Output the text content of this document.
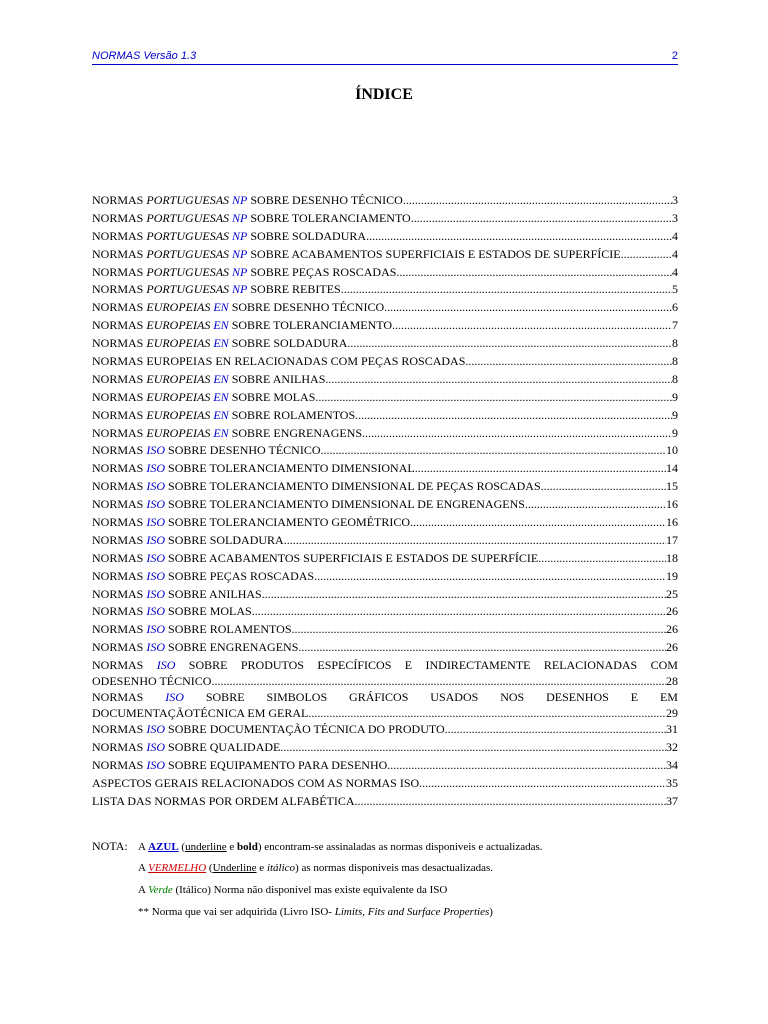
NORMAS Versão 1.3	2
ÍNDICE
NORMAS PORTUGUESAS NP SOBRE DESENHO TÉCNICO .....	3
NORMAS PORTUGUESAS NP SOBRE TOLERANCIAMENTO .....	3
NORMAS PORTUGUESAS NP SOBRE SOLDADURA .....	4
NORMAS PORTUGUESAS NP SOBRE ACABAMENTOS SUPERFICIAIS E ESTADOS DE SUPERFÍCIE .....	4
NORMAS PORTUGUESAS NP SOBRE PEÇAS ROSCADAS .....	4
NORMAS PORTUGUESAS NP SOBRE REBITES .....	5
NORMAS EUROPEIAS EN SOBRE DESENHO TÉCNICO .....	6
NORMAS EUROPEIAS EN SOBRE TOLERANCIAMENTO .....	7
NORMAS EUROPEIAS EN SOBRE SOLDADURA .....	8
NORMAS EUROPEIAS EN RELACIONADAS COM PEÇAS ROSCADAS .....	8
NORMAS EUROPEIAS EN SOBRE ANILHAS .....	8
NORMAS EUROPEIAS EN SOBRE MOLAS .....	9
NORMAS EUROPEIAS EN SOBRE ROLAMENTOS .....	9
NORMAS EUROPEIAS EN SOBRE ENGRENAGENS .....	9
NORMAS ISO SOBRE DESENHO TÉCNICO .....	10
NORMAS ISO SOBRE TOLERANCIAMENTO DIMENSIONAL .....	14
NORMAS ISO SOBRE TOLERANCIAMENTO DIMENSIONAL DE PEÇAS ROSCADAS .....	15
NORMAS ISO SOBRE TOLERANCIAMENTO DIMENSIONAL DE ENGRENAGENS .....	16
NORMAS ISO SOBRE TOLERANCIAMENTO GEOMÉTRICO .....	16
NORMAS ISO SOBRE SOLDADURA .....	17
NORMAS ISO SOBRE ACABAMENTOS SUPERFICIAIS E ESTADOS DE SUPERFÍCIE .....	18
NORMAS ISO SOBRE PEÇAS ROSCADAS .....	19
NORMAS ISO SOBRE ANILHAS .....	25
NORMAS ISO SOBRE MOLAS .....	26
NORMAS ISO SOBRE ROLAMENTOS .....	26
NORMAS ISO SOBRE ENGRENAGENS .....	26
NORMAS ISO SOBRE PRODUTOS ESPECÍFICOS E INDIRECTAMENTE RELACIONADAS COM
ODESENHO TÉCNICO .....	28
NORMAS ISO SOBRE SIMBOLOS GRÁFICOS USADOS NOS DESENHOS E EM
DOCUMENTAÇÃOTÉCNICA EM GERAL .....	29
NORMAS ISO SOBRE DOCUMENTAÇÃO TÉCNICA DO PRODUTO .....	31
NORMAS ISO SOBRE QUALIDADE .....	32
NORMAS ISO SOBRE EQUIPAMENTO PARA DESENHO .....	34
ASPECTOS GERAIS RELACIONADOS COM AS NORMAS ISO .....	35
LISTA DAS NORMAS POR ORDEM ALFABÉTICA .....	37
NOTA: A AZUL (underline e bold) encontram-se assinaladas as normas disponiveis e actualizadas.
A VERMELHO (Underline e itálico) as normas disponiveis mas desactualizadas.
A Verde (Itálico) Norma não disponivel mas existe equivalente da ISO
** Norma que vai ser adquirida (Livro ISO- Limits, Fits and Surface Properties)
